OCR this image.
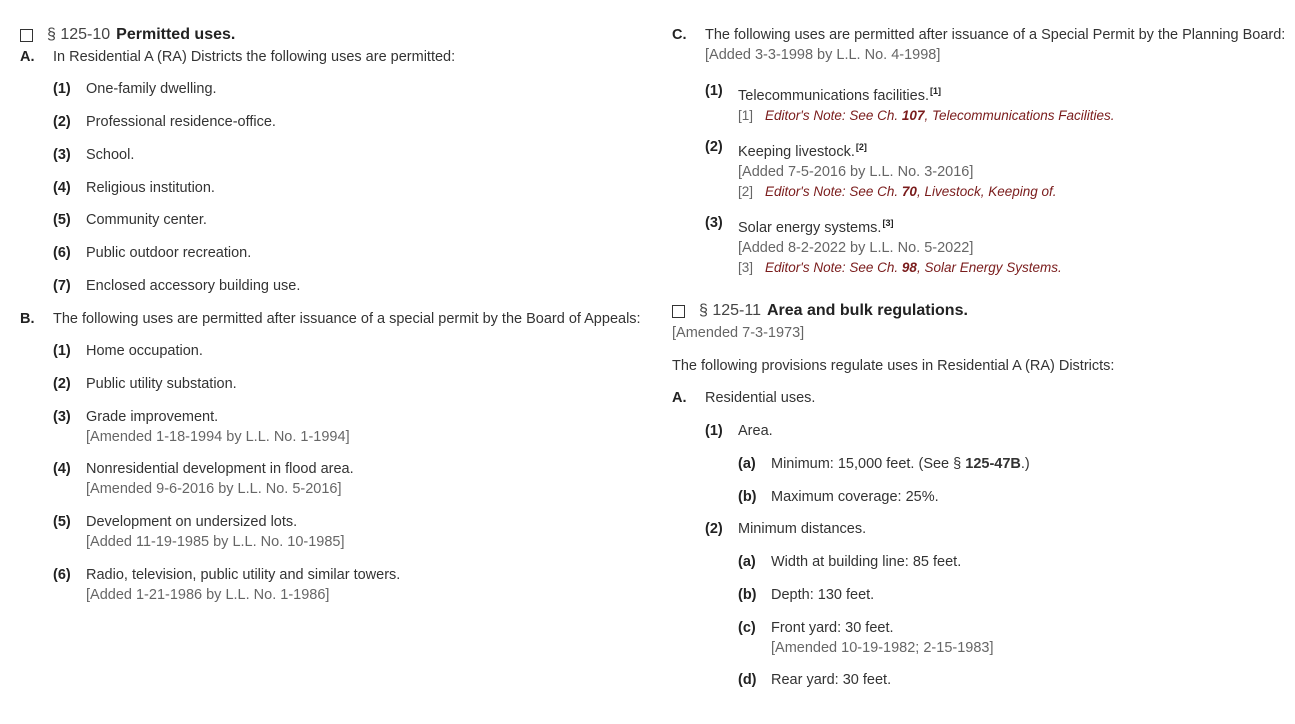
§ 125-10 Permitted uses.
A. In Residential A (RA) Districts the following uses are permitted:
(1) One-family dwelling.
(2) Professional residence-office.
(3) School.
(4) Religious institution.
(5) Community center.
(6) Public outdoor recreation.
(7) Enclosed accessory building use.
B. The following uses are permitted after issuance of a special permit by the Board of Appeals:
(1) Home occupation.
(2) Public utility substation.
(3) Grade improvement.
[Amended 1-18-1994 by L.L. No. 1-1994]
(4) Nonresidential development in flood area.
[Amended 9-6-2016 by L.L. No. 5-2016]
(5) Development on undersized lots.
[Added 11-19-1985 by L.L. No. 10-1985]
(6) Radio, television, public utility and similar towers.
[Added 1-21-1986 by L.L. No. 1-1986]
C. The following uses are permitted after issuance of a Special Permit by the Planning Board:
[Added 3-3-1998 by L.L. No. 4-1998]
(1) Telecommunications facilities.[1]
[1] Editor's Note: See Ch. 107, Telecommunications Facilities.
(2) Keeping livestock.[2]
[Added 7-5-2016 by L.L. No. 3-2016]
[2] Editor's Note: See Ch. 70, Livestock, Keeping of.
(3) Solar energy systems.[3]
[Added 8-2-2022 by L.L. No. 5-2022]
[3] Editor's Note: See Ch. 98, Solar Energy Systems.
§ 125-11 Area and bulk regulations.
[Amended 7-3-1973]
The following provisions regulate uses in Residential A (RA) Districts:
A. Residential uses.
(1) Area.
(a) Minimum: 15,000 feet. (See § 125-47B.)
(b) Maximum coverage: 25%.
(2) Minimum distances.
(a) Width at building line: 85 feet.
(b) Depth: 130 feet.
(c) Front yard: 30 feet.
[Amended 10-19-1982; 2-15-1983]
(d) Rear yard: 30 feet.
